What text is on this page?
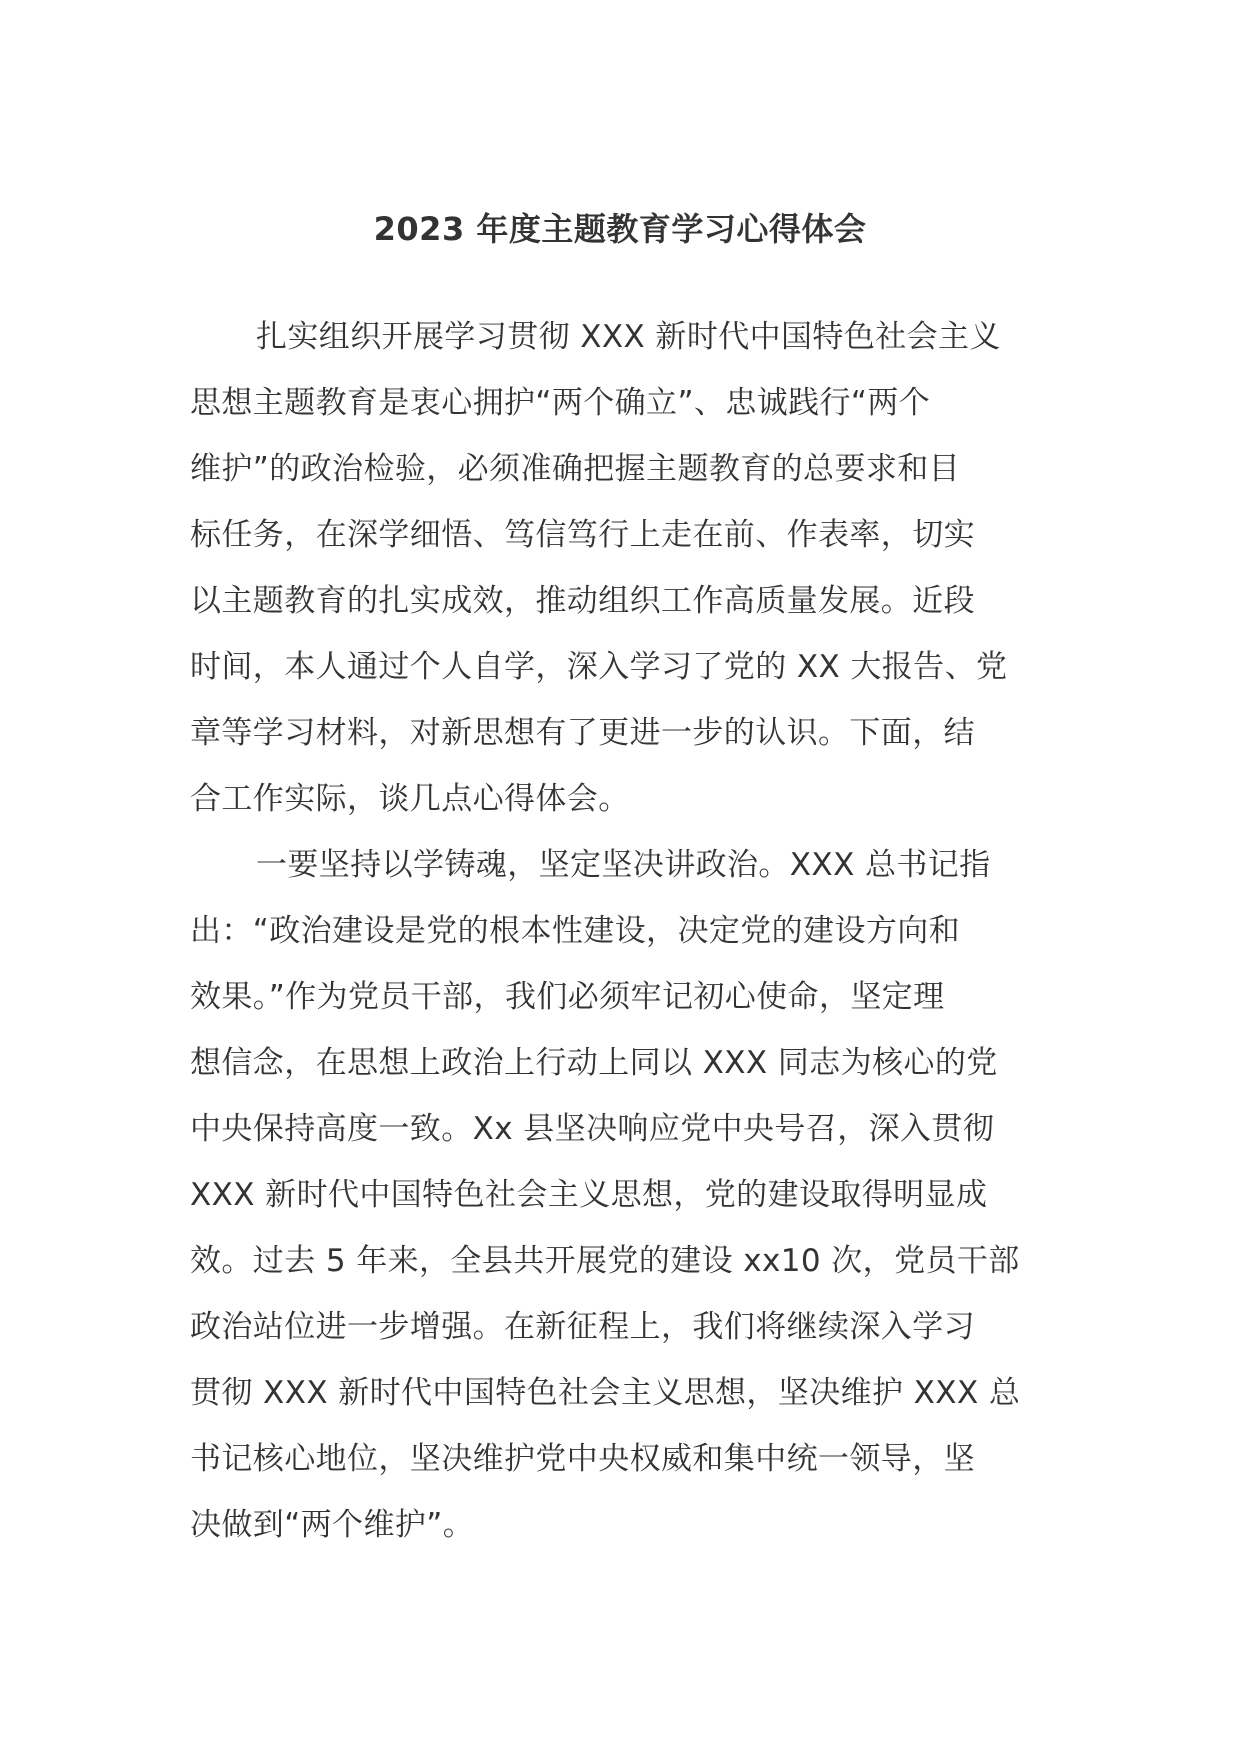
2023 年度主题教育学习心得体会
扎实组织开展学习贯彻 XXX 新时代中国特色社会主义
思想主题教育是衷心拥护“两个确立”、忠诚践行“两个
维护”的政治检验，必须准确把握主题教育的总要求和目
标任务，在深学细悟、笃信笃行上走在前、作表率，切实
以主题教育的扎实成效，推动组织工作高质量发展。近段
时间，本人通过个人自学，深入学习了党的 XX 大报告、党
章等学习材料，对新思想有了更进一步的认识。下面，结
合工作实际，谈几点心得体会。
一要坚持以学铸魂，坚定坚决讲政治。XXX 总书记指
出：“政治建设是党的根本性建设，决定党的建设方向和
效果。”作为党员干部，我们必须牢记初心使命，坚定理
想信念，在思想上政治上行动上同以 XXX 同志为核心的党
中央保持高度一致。Xx 县坚决响应党中央号召，深入贯彻
XXX 新时代中国特色社会主义思想，党的建设取得明显成
效。过去 5 年来，全县共开展党的建设 xx10 次，党员干部
政治站位进一步增强。在新征程上，我们将继续深入学习
贯彻 XXX 新时代中国特色社会主义思想，坚决维护 XXX 总
书记核心地位，坚决维护党中央权威和集中统一领导，坚
决做到“两个维护”。
